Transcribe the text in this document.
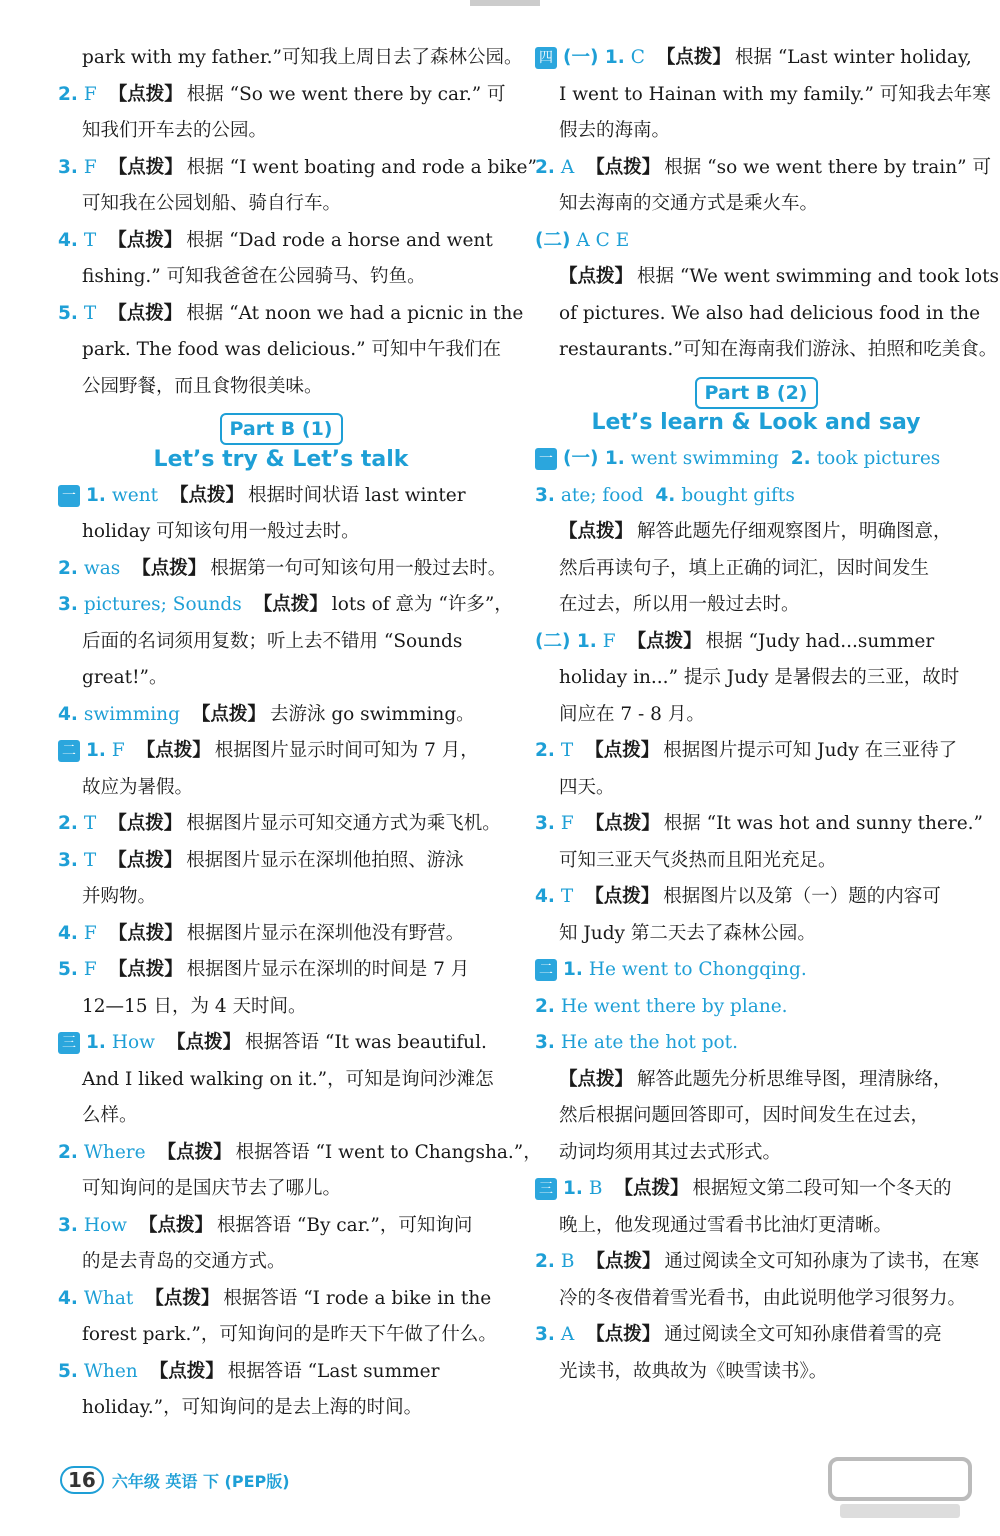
park with my father.”可知我上周日去了森林公园。
2. F 【点拨】 根据 “So we went there by car.” 可
知我们开车去的公园。
3. F 【点拨】 根据 “I went boating and rode a bike”
可知我在公园划船、骑自行车。
4. T 【点拨】 根据 “Dad rode a horse and went
fishing.” 可知我爸爸在公园骑马、钓鱼。
5. T 【点拨】 根据 “At noon we had a picnic in the
park. The food was delicious.” 可知中午我们在
公园野餐，而且食物很美味。
Part B (1)
Let’s try & Let’s talk
一 1. went 【点拨】 根据时间状语 last winter
holiday 可知该句用一般过去时。
2. was 【点拨】 根据第一句可知该句用一般过去时。
3. pictures; Sounds 【点拨】 lots of 意为 “许多”，
后面的名词须用复数；听上去不错用 “Sounds
great!”。
4. swimming 【点拨】 去游泳 go swimming。
二 1. F 【点拨】 根据图片显示时间可知为 7 月，
故应为暑假。
2. T 【点拨】 根据图片显示可知交通方式为乘飞机。
3. T 【点拨】 根据图片显示在深圳他拍照、游泳
并购物。
4. F 【点拨】 根据图片显示在深圳他没有野营。
5. F 【点拨】 根据图片显示在深圳的时间是 7 月
12—15 日，为 4 天时间。
三 1. How 【点拨】 根据答语 “It was beautiful.
And I liked walking on it.”，可知是询问沙滩怎
么样。
2. Where 【点拨】 根据答语 “I went to Changsha.”，
可知询问的是国庆节去了哪儿。
3. How 【点拨】 根据答语 “By car.”，可知询问
的是去青岛的交通方式。
4. What 【点拨】 根据答语 “I rode a bike in the
forest park.”，可知询问的是昨天下午做了什么。
5. When 【点拨】 根据答语 “Last summer
holiday.”，可知询问的是去上海的时间。
四 (一) 1. C 【点拨】 根据 “Last winter holiday,
I went to Hainan with my family.” 可知我去年寒
假去的海南。
2. A 【点拨】 根据 “so we went there by train” 可
知去海南的交通方式是乘火车。
(二) A C E
【点拨】 根据 “We went swimming and took lots
of pictures. We also had delicious food in the
restaurants.”可知在海南我们游泳、拍照和吃美食。
Part B (2)
Let’s learn & Look and say
一 (一) 1. went swimming 2. took pictures
3. ate; food 4. bought gifts
【点拨】 解答此题先仔细观察图片，明确图意，
然后再读句子，填上正确的词汇，因时间发生
在过去，所以用一般过去时。
(二) 1. F 【点拨】 根据 “Judy had...summer
holiday in...” 提示 Judy 是暑假去的三亚，故时
间应在 7 - 8 月。
2. T 【点拨】 根据图片提示可知 Judy 在三亚待了
四天。
3. F 【点拨】 根据 “It was hot and sunny there.”
可知三亚天气炎热而且阳光充足。
4. T 【点拨】 根据图片以及第（一）题的内容可
知 Judy 第二天去了森林公园。
二 1. He went to Chongqing.
2. He went there by plane.
3. He ate the hot pot.
【点拨】 解答此题先分析思维导图，理清脉络，
然后根据问题回答即可，因时间发生在过去，
动词均须用其过去式形式。
三 1. B 【点拨】 根据短文第二段可知一个冬天的
晚上，他发现通过雪看书比油灯更清晰。
2. B 【点拨】 通过阅读全文可知孙康为了读书，在寒
冷的冬夜借着雪光看书，由此说明他学习很努力。
3. A 【点拨】 通过阅读全文可知孙康借着雪的亮
光读书，故典故为《映雪读书》。
16	六年级 英语 下 (PEP版)
